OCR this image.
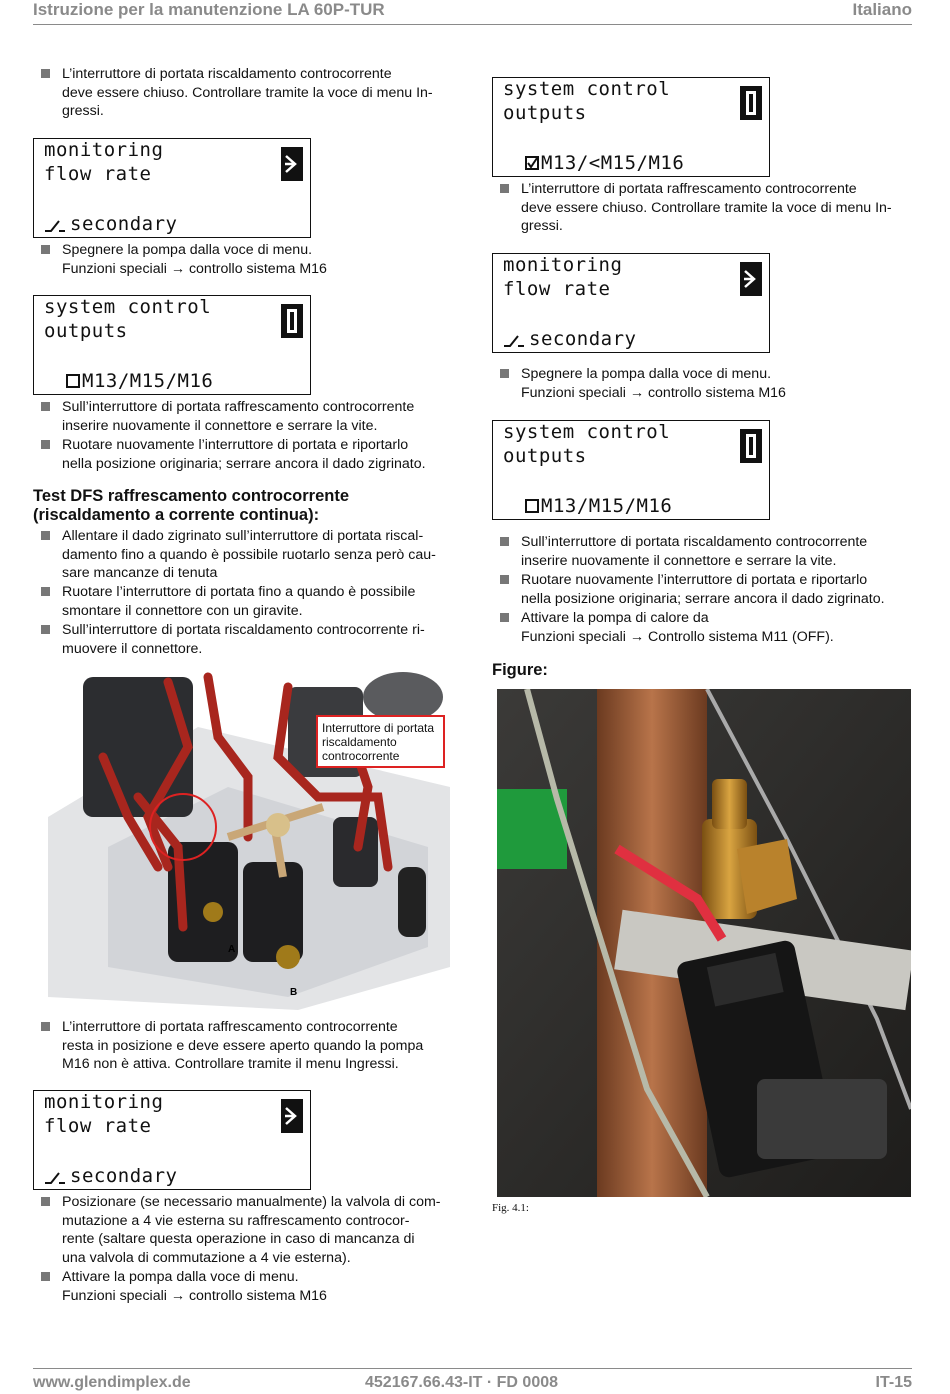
Istruzione per la manutenzione LA 60P-TUR	Italiano
L’interruttore di portata riscaldamento controcorrente
deve essere chiuso. Controllare tramite la voce di menu In-
gressi.
monitoring
flow rate
secondary
Spegnere la pompa dalla voce di menu.
Funzioni speciali → controllo sistema M16
system control
outputs
M13/M15/M16
Sull’interruttore di portata raffrescamento controcorrente
inserire nuovamente il connettore e serrare la vite.
Ruotare nuovamente l’interruttore di portata e riportarlo
nella posizione originaria; serrare ancora il dado zigrinato.
Test DFS raffrescamento controcorrente
(riscaldamento a corrente continua):
Allentare il dado zigrinato sull’interruttore di portata riscal-
damento fino a quando è possibile ruotarlo senza però cau-
sare mancanze di tenuta
Ruotare l’interruttore di portata fino a quando è possibile
smontare il connettore con un giravite.
Sull’interruttore di portata riscaldamento controcorrente ri-
muovere il connettore.
A
B
Interruttore di portata riscaldamento controcorrente
L’interruttore di portata raffrescamento controcorrente
resta in posizione e deve essere aperto quando la pompa
M16 non è attiva. Controllare tramite il menu Ingressi.
monitoring
flow rate
secondary
Posizionare (se necessario manualmente) la valvola di com-
mutazione a 4 vie esterna su raffrescamento controcor-
rente (saltare questa operazione in caso di mancanza di
una valvola di commutazione a 4 vie esterna).
Attivare la pompa dalla voce di menu.
Funzioni speciali → controllo sistema M16
system control
outputs
M13/<M15/M16
L’interruttore di portata raffrescamento controcorrente
deve essere chiuso. Controllare tramite la voce di menu In-
gressi.
monitoring
flow rate
secondary
Spegnere la pompa dalla voce di menu.
Funzioni speciali → controllo sistema M16
system control
outputs
M13/M15/M16
Sull’interruttore di portata riscaldamento controcorrente
inserire nuovamente il connettore e serrare la vite.
Ruotare nuovamente l’interruttore di portata e riportarlo
nella posizione originaria; serrare ancora il dado zigrinato.
Attivare la pompa di calore da
Funzioni speciali → Controllo sistema M11 (OFF).
Figure:
Fig. 4.1:
www.glendimplex.de	452167.66.43-IT · FD 0008	IT-15
